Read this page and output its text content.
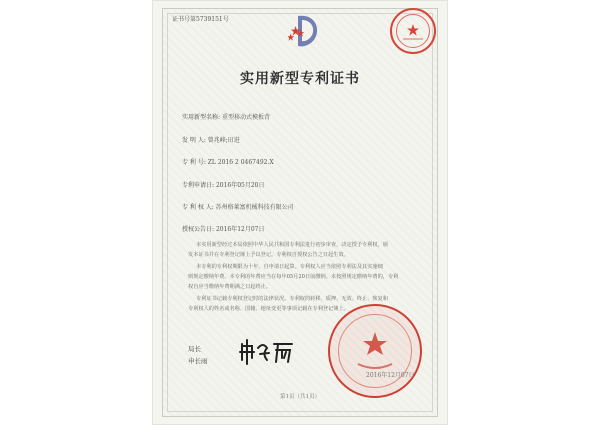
证书号第5739151号
实用新型专利证书
实用新型名称: 重型移动式模板背
发 明 人: 曾兆峰;田进
专 利 号: ZL 2016 2 0467492.X
专利申请日: 2016年05月20日
专 利 权 人: 苏州格莱富机械科技有限公司
授权公告日: 2016年12月07日
本实用新型经过本局依照中华人民共和国专利法进行初步审查，决定授予专利权，颁
发本证书并在专利登记簿上予以登记。专利权自授权公告之日起生效。
本专利的专利权期限为十年，自申请日起算。专利权人应当依照专利法及其实施细
则规定缴纳年费。本专利的年费应当在每年05月20日前缴纳。未按照规定缴纳年费的，专利
权自应当缴纳年费期满之日起终止。
专利证书记载专利权登记时的法律状况。专利权的转移、质押、无效、终止、恢复和
专利权人的姓名或名称、国籍、地址变更等事项记载在专利登记簿上。
局长
申长雨
2016年12月07日
第1页（共1页）
